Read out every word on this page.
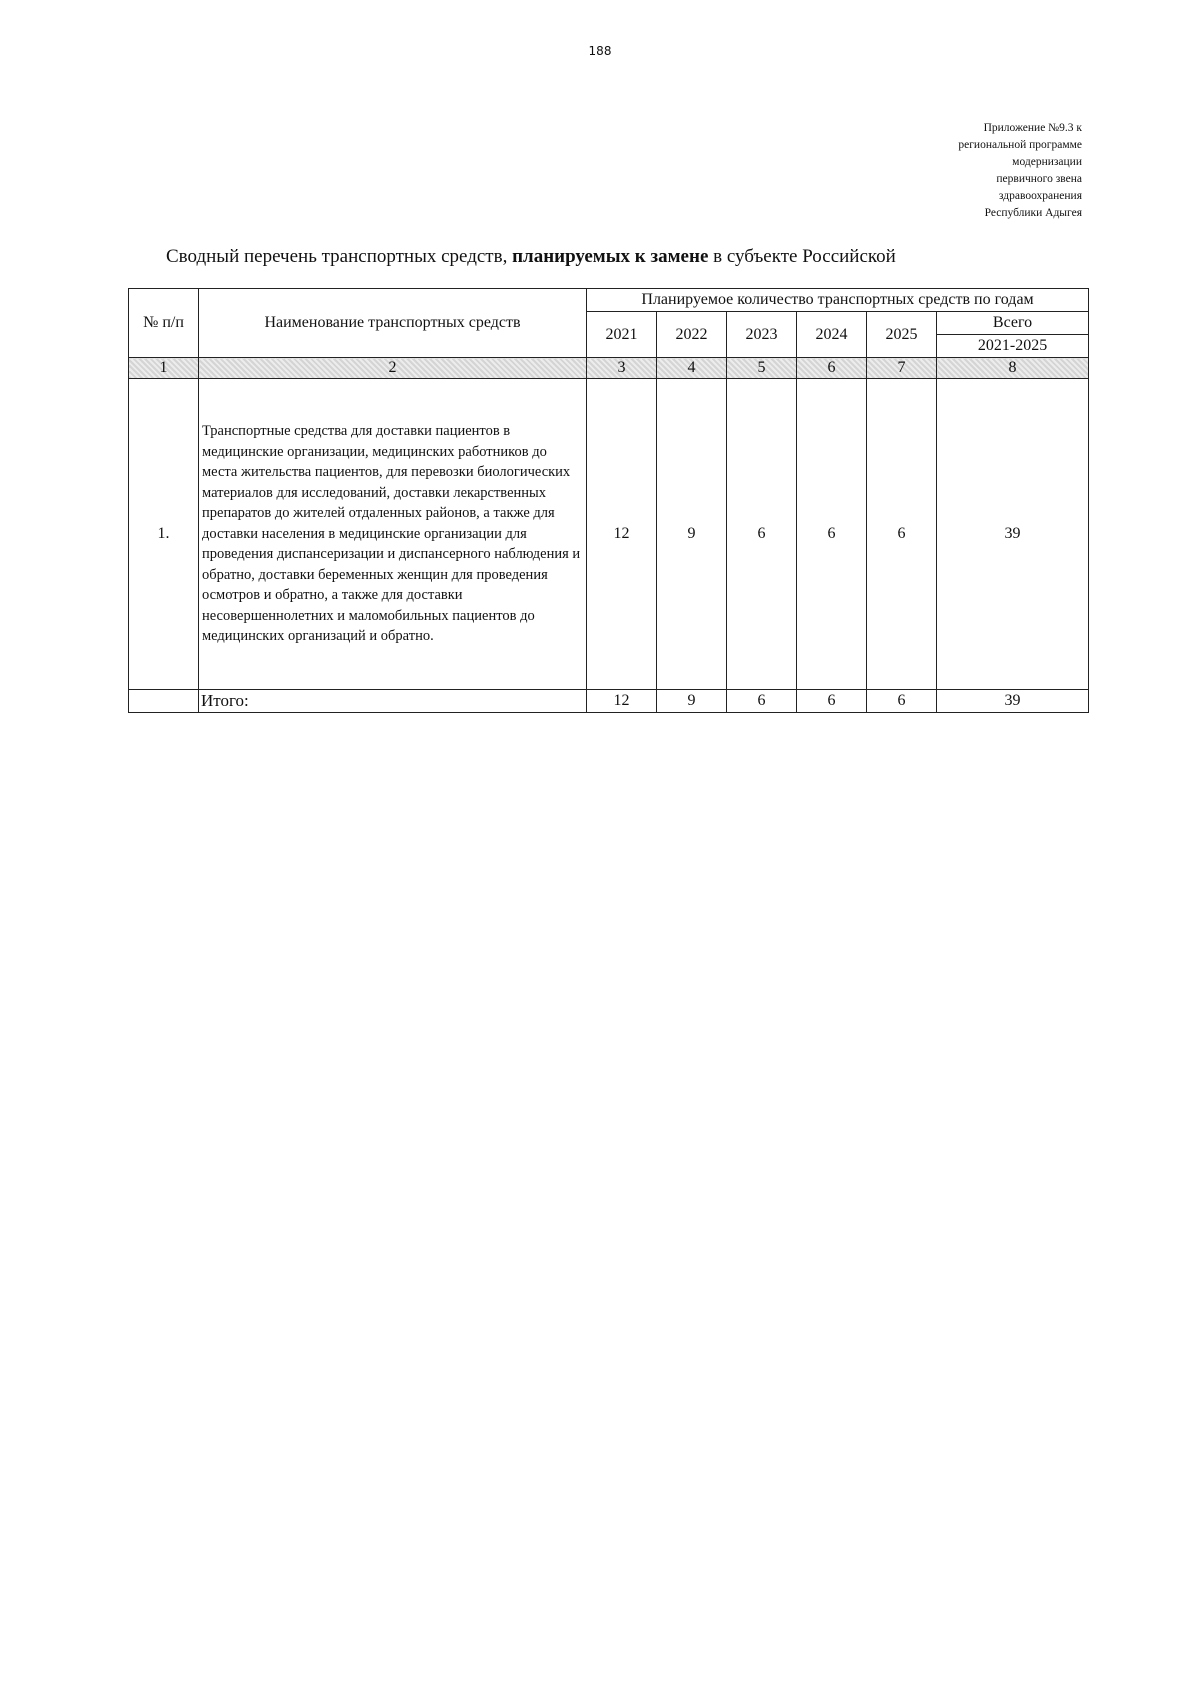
188
Приложение №9.3 к
региональной программе
модернизации
первичного звена
здравоохранения
Республики Адыгея
Сводный перечень транспортных средств, планируемых к замене в субъекте Российской
№ п/п	Наименование транспортных средств	Планируемое количество транспортных средств по годам					
		2021	2022	2023	2024	2025	Всего
							2021-2025
1	2	3	4	5	6	7	8
1.	Транспортные средства для доставки пациентов в медицинские организации, медицинских работников до места жительства пациентов, для перевозки биологических материалов для исследований, доставки лекарственных препаратов до жителей отдаленных районов, а также для доставки населения в медицинские организации для проведения диспансеризации и диспансерного наблюдения и обратно, доставки беременных женщин для проведения осмотров и обратно, а также для доставки несовершеннолетних и маломобильных пациентов до медицинских организаций и обратно.	12	9	6	6	6	39
	Итого:	12	9	6	6	6	39
